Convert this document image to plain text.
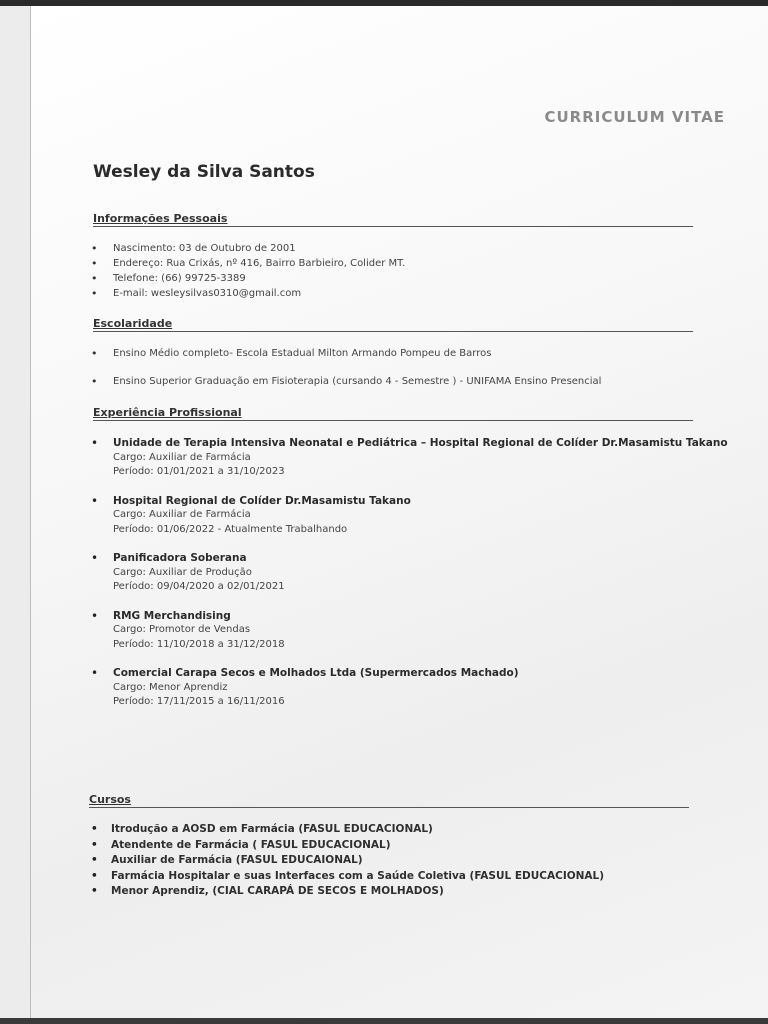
CURRICULUM VITAE
Wesley da Silva Santos
Informações Pessoais
• Nascimento: 03 de Outubro de 2001
• Endereço: Rua Crixás, nº 416, Bairro Barbieiro, Colider MT.
• Telefone: (66) 99725-3389
• E-mail: wesleysilvas0310@gmail.com
Escolaridade
• Ensino Médio completo- Escola Estadual Milton Armando Pompeu de Barros
• Ensino Superior Graduação em Fisioterapia (cursando 4 - Semestre ) - UNIFAMA Ensino Presencial
Experiência Profissional
• Unidade de Terapia Intensiva Neonatal e Pediátrica – Hospital Regional de Colíder Dr.Masamistu Takano
Cargo: Auxiliar de Farmácia
Período: 01/01/2021 a 31/10/2023
• Hospital Regional de Colíder Dr.Masamistu Takano
Cargo: Auxiliar de Farmácia
Período: 01/06/2022 - Atualmente Trabalhando
• Panificadora Soberana
Cargo: Auxiliar de Produção
Período: 09/04/2020 a 02/01/2021
• RMG Merchandising
Cargo: Promotor de Vendas
Período: 11/10/2018 a 31/12/2018
• Comercial Carapa Secos e Molhados Ltda (Supermercados Machado)
Cargo: Menor Aprendiz
Período: 17/11/2015 a 16/11/2016
Cursos
• Itrodução a AOSD em Farmácia (FASUL EDUCACIONAL)
• Atendente de Farmácia ( FASUL EDUCACIONAL)
• Auxiliar de Farmácia (FASUL EDUCAIONAL)
• Farmácia Hospitalar e suas Interfaces com a Saúde Coletiva (FASUL EDUCACIONAL)
• Menor Aprendiz, (CIAL CARAPÁ DE SECOS E MOLHADOS)
